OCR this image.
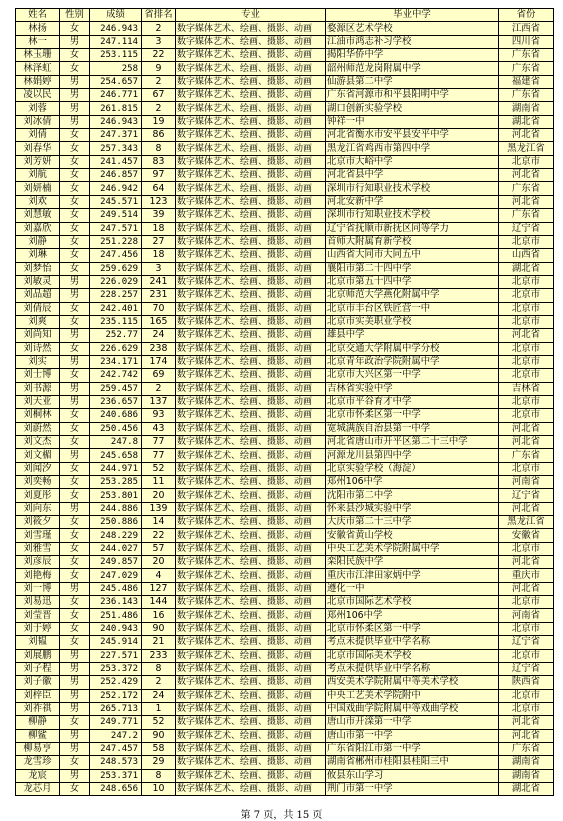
姓名	性别	成绩	省排名	专业	毕业中学	省份
林扬	女	246.943	2	数字媒体艺术、绘画、摄影、动画	婺源区艺术学校	江西省
林一	男	247.114	3	数字媒体艺术、绘画、摄影、动画	江油市鸿志补习学校	四川省
林玉珊	女	253.115	22	数字媒体艺术、绘画、摄影、动画	揭阳华侨中学	广东省
林泽虹	女	258	9	数字媒体艺术、绘画、摄影、动画	韶州师范龙岗附属中学	广东省
林娟婷	男	254.657	2	数字媒体艺术、绘画、摄影、动画	仙游县第二中学	福建省
凌以民	男	246.771	67	数字媒体艺术、绘画、摄影、动画	广东省河源市和平县阳明中学	广东省
刘蓉	男	261.815	2	数字媒体艺术、绘画、摄影、动画	湖口创新实验学校	湖南省
刘冰倩	男	246.943	19	数字媒体艺术、绘画、摄影、动画	钟祥一中	湖北省
刘倩	女	247.371	86	数字媒体艺术、绘画、摄影、动画	河北省衡水市安平县安平中学	河北省
刘春华	女	257.343	8	数字媒体艺术、绘画、摄影、动画	黑龙江省鸡西市第四中学	黑龙江省
刘芳妍	女	241.457	83	数字媒体艺术、绘画、摄影、动画	北京市大峪中学	北京市
刘航	女	246.857	97	数字媒体艺术、绘画、摄影、动画	河北省县中学	河北省
刘妍楠	女	246.942	64	数字媒体艺术、绘画、摄影、动画	深圳市行知职业技术学校	广东省
刘欢	女	245.571	123	数字媒体艺术、绘画、摄影、动画	河北安新中学	河北省
刘慧敏	女	249.514	39	数字媒体艺术、绘画、摄影、动画	深圳市行知职业技术学校	广东省
刘嘉欣	女	247.571	18	数字媒体艺术、绘画、摄影、动画	辽宁省抚顺市新抚区同等学力	辽宁省
刘静	女	251.228	27	数字媒体艺术、绘画、摄影、动画	首师大附属育新学校	北京市
刘琳	女	247.456	18	数字媒体艺术、绘画、摄影、动画	山西省大同市大同五中	山西省
刘梦怡	女	259.629	3	数字媒体艺术、绘画、摄影、动画	襄阳市第二十四中学	湖北省
刘敏灵	男	226.029	241	数字媒体艺术、绘画、摄影、动画	北京市第五十四中学	北京市
刘品超	男	228.257	231	数字媒体艺术、绘画、摄影、动画	北京师范大学燕化附属中学	北京市
刘倩辰	女	242.401	70	数字媒体艺术、绘画、摄影、动画	北京市丰台区铁匠营一中	北京市
刘爽	女	235.115	165	数字媒体艺术、绘画、摄影、动画	北京市实美职业学校	北京市
刘尚知	男	252.77	24	数字媒体艺术、绘画、摄影、动画	雄县中学	河北省
刘诗然	女	226.629	238	数字媒体艺术、绘画、摄影、动画	北京交通大学附属中学分校	北京市
刘实	男	234.171	174	数字媒体艺术、绘画、摄影、动画	北京青年政治学院附属中学	北京市
刘士博	女	242.742	69	数字媒体艺术、绘画、摄影、动画	北京市大兴区第一中学	北京市
刘书源	男	259.457	2	数字媒体艺术、绘画、摄影、动画	吉林省实验中学	吉林省
刘天亚	男	236.657	137	数字媒体艺术、绘画、摄影、动画	北京市平谷育才中学	北京市
刘桐林	女	240.686	93	数字媒体艺术、绘画、摄影、动画	北京市怀柔区第一中学	北京市
刘蔚然	女	250.456	43	数字媒体艺术、绘画、摄影、动画	宽城满族自治县第一中学	河北省
刘文杰	女	247.8	77	数字媒体艺术、绘画、摄影、动画	河北省唐山市开平区第二十三中学	河北省
刘文楣	男	245.658	77	数字媒体艺术、绘画、摄影、动画	河源龙川县第四中学	广东省
刘闻汐	女	244.971	52	数字媒体艺术、绘画、摄影、动画	北京实验学校（海淀）	北京市
刘奕畅	女	253.285	11	数字媒体艺术、绘画、摄影、动画	郑州106中学	河南省
刘夏彤	女	253.801	20	数字媒体艺术、绘画、摄影、动画	沈阳市第二中学	辽宁省
刘向东	男	244.886	139	数字媒体艺术、绘画、摄影、动画	怀来县沙城实验中学	河北省
刘筱夕	女	250.886	14	数字媒体艺术、绘画、摄影、动画	大庆市第二十三中学	黑龙江省
刘雪瑾	女	248.229	22	数字媒体艺术、绘画、摄影、动画	安徽省黄山学校	安徽省
刘雅雪	女	244.027	57	数字媒体艺术、绘画、摄影、动画	中央工艺美术学院附属中学	北京市
刘彦辰	女	249.857	20	数字媒体艺术、绘画、摄影、动画	栾阳民族中学	河北省
刘艳梅	女	247.029	4	数字媒体艺术、绘画、摄影、动画	重庆市江津田家炳中学	重庆市
刘一博	男	245.486	127	数字媒体艺术、绘画、摄影、动画	遵化一中	河北省
刘易迅	女	236.143	144	数字媒体艺术、绘画、摄影、动画	北京市国际艺术学校	北京市
刘莹晋	女	251.486	16	数字媒体艺术、绘画、摄影、动画	郑州106中学	河南省
刘于婷	女	240.943	90	数字媒体艺术、绘画、摄影、动画	北京市怀柔区第一中学	北京市
刘韫	女	245.914	21	数字媒体艺术、绘画、摄影、动画	考点未提供毕业中学名称	辽宁省
刘展鹏	男	227.571	233	数字媒体艺术、绘画、摄影、动画	北京市国际美术学校	北京市
刘子程	男	253.372	8	数字媒体艺术、绘画、摄影、动画	考点未提供毕业中学名称	辽宁省
刘子徽	男	252.429	2	数字媒体艺术、绘画、摄影、动画	西安美术学院附属中等美术学校	陕西省
刘梓臣	男	252.172	24	数字媒体艺术、绘画、摄影、动画	中央工艺美术学院附中	北京市
刘祚祺	男	265.713	1	数字媒体艺术、绘画、摄影、动画	中国戏曲学院附属中等戏曲学校	北京市
柳静	女	249.771	52	数字媒体艺术、绘画、摄影、动画	唐山市开滦第一中学	河北省
柳鲨	男	247.2	90	数字媒体艺术、绘画、摄影、动画	唐山市第一中学	河北省
柳易亨	男	247.457	58	数字媒体艺术、绘画、摄影、动画	广东省阳江市第一中学	广东省
龙雪珍	女	248.573	29	数字媒体艺术、绘画、摄影、动画	湖南省郴州市桂阳县桂阳三中	湖南省
龙宸	男	253.371	8	数字媒体艺术、绘画、摄影、动画	攸县东山学习	湖南省
龙芯月	女	248.656	10	数字媒体艺术、绘画、摄影、动画	荆门市第一中学	湖北省
第 7 页，共 15 页
